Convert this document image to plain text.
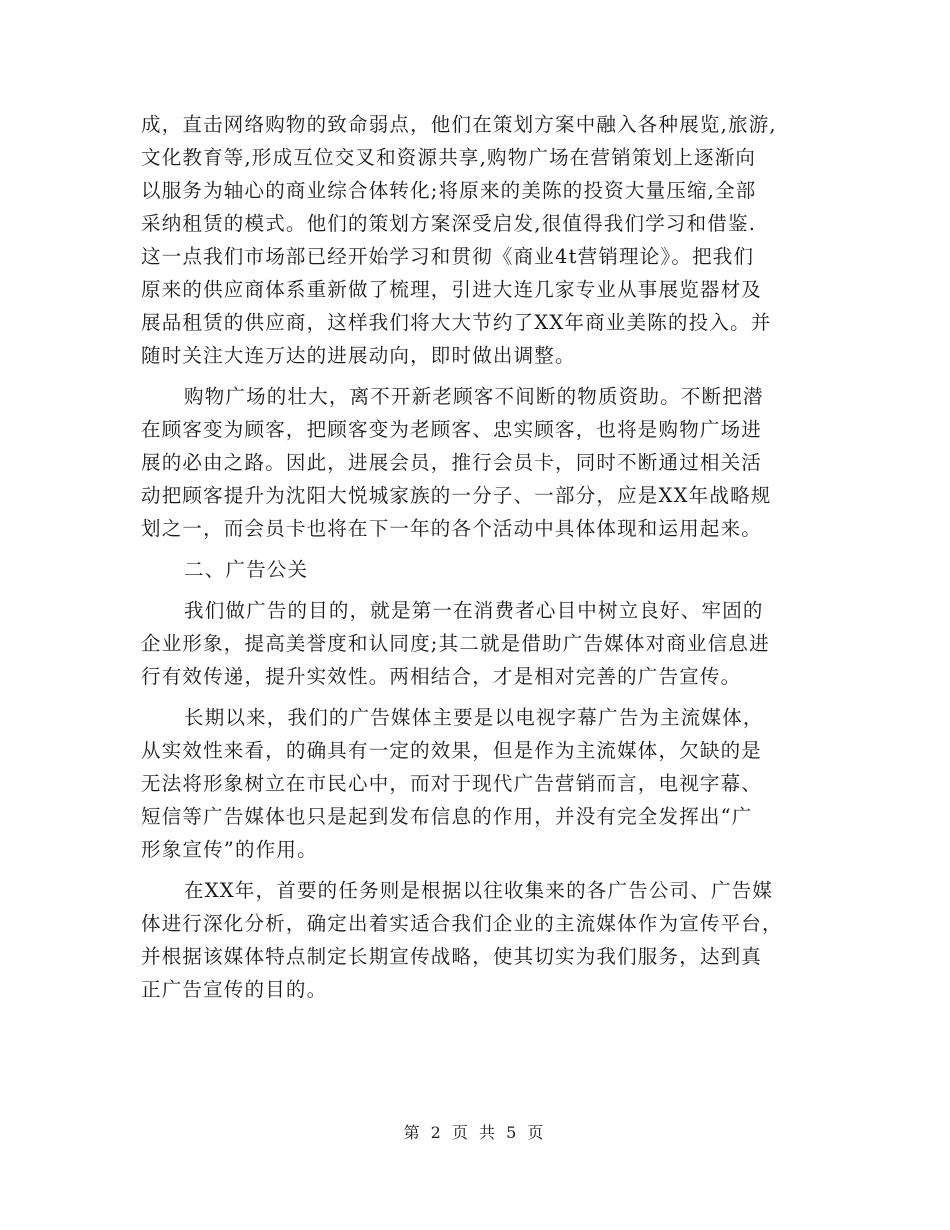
成，直击网络购物的致命弱点，他们在策划方案中融入各种展览,旅游,
文化教育等,形成互位交叉和资源共享,购物广场在营销策划上逐渐向
以服务为轴心的商业综合体转化;将原来的美陈的投资大量压缩,全部
采纳租赁的模式。他们的策划方案深受启发,很值得我们学习和借鉴.
这一点我们市场部已经开始学习和贯彻《商业4t营销理论》。把我们
原来的供应商体系重新做了梳理，引进大连几家专业从事展览器材及
展品租赁的供应商，这样我们将大大节约了XX年商业美陈的投入。并
随时关注大连万达的进展动向，即时做出调整。
购物广场的壮大，离不开新老顾客不间断的物质资助。不断把潜
在顾客变为顾客，把顾客变为老顾客、忠实顾客，也将是购物广场进
展的必由之路。因此，进展会员，推行会员卡，同时不断通过相关活
动把顾客提升为沈阳大悦城家族的一分子、一部分，应是XX年战略规
划之一，而会员卡也将在下一年的各个活动中具体体现和运用起来。
二、广告公关
我们做广告的目的，就是第一在消费者心目中树立良好、牢固的
企业形象，提高美誉度和认同度;其二就是借助广告媒体对商业信息进
行有效传递，提升实效性。两相结合，才是相对完善的广告宣传。
长期以来，我们的广告媒体主要是以电视字幕广告为主流媒体，
从实效性来看，的确具有一定的效果，但是作为主流媒体，欠缺的是
无法将形象树立在市民心中，而对于现代广告营销而言，电视字幕、
短信等广告媒体也只是起到发布信息的作用，并没有完全发挥出“广
形象宣传”的作用。
在XX年，首要的任务则是根据以往收集来的各广告公司、广告媒
体进行深化分析，确定出着实适合我们企业的主流媒体作为宣传平台，
并根据该媒体特点制定长期宣传战略，使其切实为我们服务，达到真
正广告宣传的目的。
第 2 页 共 5 页
